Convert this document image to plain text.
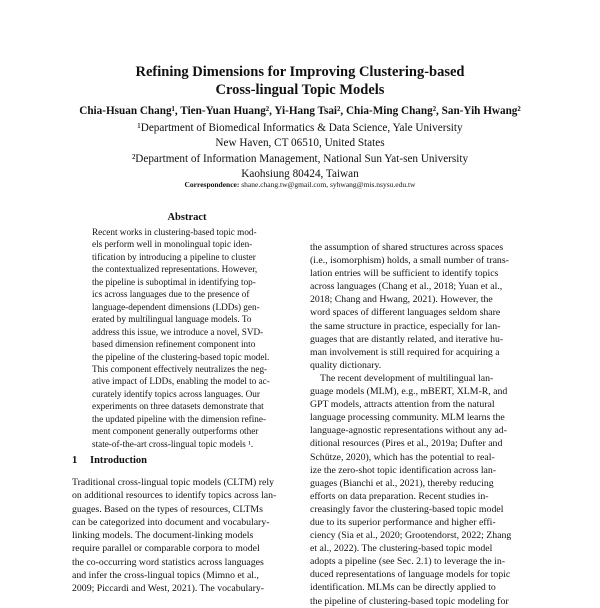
Refining Dimensions for Improving Clustering-based
Cross-lingual Topic Models
Chia-Hsuan Chang¹, Tien-Yuan Huang², Yi-Hang Tsai², Chia-Ming Chang², San-Yih Hwang²
¹Department of Biomedical Informatics & Data Science, Yale University
New Haven, CT 06510, United States
²Department of Information Management, National Sun Yat-sen University
Kaohsiung 80424, Taiwan
Correspondence: shane.chang.tw@gmail.com, syhwang@mis.nsysu.edu.tw
Abstract
Recent works in clustering-based topic mod-
els perform well in monolingual topic iden-
tification by introducing a pipeline to cluster
the contextualized representations. However,
the pipeline is suboptimal in identifying top-
ics across languages due to the presence of
language-dependent dimensions (LDDs) gen-
erated by multilingual language models. To
address this issue, we introduce a novel, SVD-
based dimension refinement component into
the pipeline of the clustering-based topic model.
This component effectively neutralizes the neg-
ative impact of LDDs, enabling the model to ac-
curately identify topics across languages. Our
experiments on three datasets demonstrate that
the updated pipeline with the dimension refine-
ment component generally outperforms other
state-of-the-art cross-lingual topic models ¹.
1 Introduction
Traditional cross-lingual topic models (CLTM) rely
on additional resources to identify topics across lan-
guages. Based on the types of resources, CLTMs
can be categorized into document and vocabulary-
linking models. The document-linking models
require parallel or comparable corpora to model
the co-occurring word statistics across languages
and infer the cross-lingual topics (Mimno et al.,
2009; Piccardi and West, 2021). The vocabulary-
the assumption of shared structures across spaces
(i.e., isomorphism) holds, a small number of trans-
lation entries will be sufficient to identify topics
across languages (Chang et al., 2018; Yuan et al.,
2018; Chang and Hwang, 2021). However, the
word spaces of different languages seldom share
the same structure in practice, especially for lan-
guages that are distantly related, and iterative hu-
man involvement is still required for acquiring a
quality dictionary.
The recent development of multilingual lan-
guage models (MLM), e.g., mBERT, XLM-R, and
GPT models, attracts attention from the natural
language processing community. MLM learns the
language-agnostic representations without any ad-
ditional resources (Pires et al., 2019a; Dufter and
Schütze, 2020), which has the potential to real-
ize the zero-shot topic identification across lan-
guages (Bianchi et al., 2021), thereby reducing
efforts on data preparation. Recent studies in-
creasingly favor the clustering-based topic model
due to its superior performance and higher effi-
ciency (Sia et al., 2020; Grootendorst, 2022; Zhang
et al., 2022). The clustering-based topic model
adopts a pipeline (see Sec. 2.1) to leverage the in-
duced representations of language models for topic
identification. MLMs can be directly applied to
the pipeline of clustering-based topic modeling for
